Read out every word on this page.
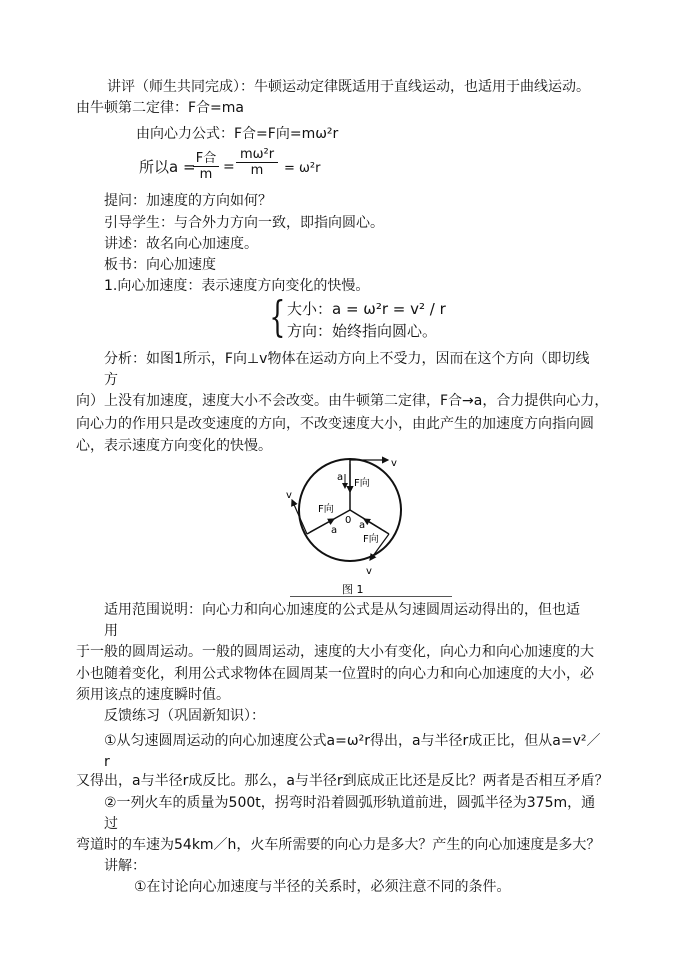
讲评（师生共同完成）：牛顿运动定律既适用于直线运动，也适用于曲线运动。
由牛顿第二定律：F合=ma
由向心力公式：F合=F向=mω²r
所以a = F合
$m = \frac{\text{mω²r}}{m} = \omega^2r$
提问：加速度的方向如何？
引导学生：与合外力方向一致，即指向圆心。
讲述：故名向心加速度。
板书：向心加速度
1.向心加速度：表示速度方向变化的快慢。
{ 大小：a = ω²r = v² / r
方向：始终指向圆心。
分析：如图1所示，F向⊥v物体在运动方向上不受力，因而在这个方向（即切线
方
向）上没有加速度，速度大小不会改变。由牛顿第二定律，F合→a，合力提供向心力，
向心力的作用只是改变速度的方向，不改变速度大小，由此产生的加速度方向指向圆
心，表示速度方向变化的快慢。
v
v
v
a
F向
F向
a
0 a
F向
图 1
适用范围说明：向心力和向心加速度的公式是从匀速圆周运动得出的，但也适
用
于一般的圆周运动。一般的圆周运动，速度的大小有变化，向心力和向心加速度的大
小也随着变化，利用公式求物体在圆周某一位置时的向心力和向心加速度的大小，必
须用该点的速度瞬时值。
反馈练习（巩固新知识）：
①从匀速圆周运动的向心加速度公式a=ω²r得出，a与半径r成正比，但从a=v²／
r
又得出，a与半径r成反比。那么，a与半径r到底成正比还是反比？两者是否相互矛盾？
②一列火车的质量为500t，拐弯时沿着圆弧形轨道前进，圆弧半径为375m，通
过
弯道时的车速为54km／h，火车所需要的向心力是多大？产生的向心加速度是多大？
讲解：
①在讨论向心加速度与半径的关系时，必须注意不同的条件。
